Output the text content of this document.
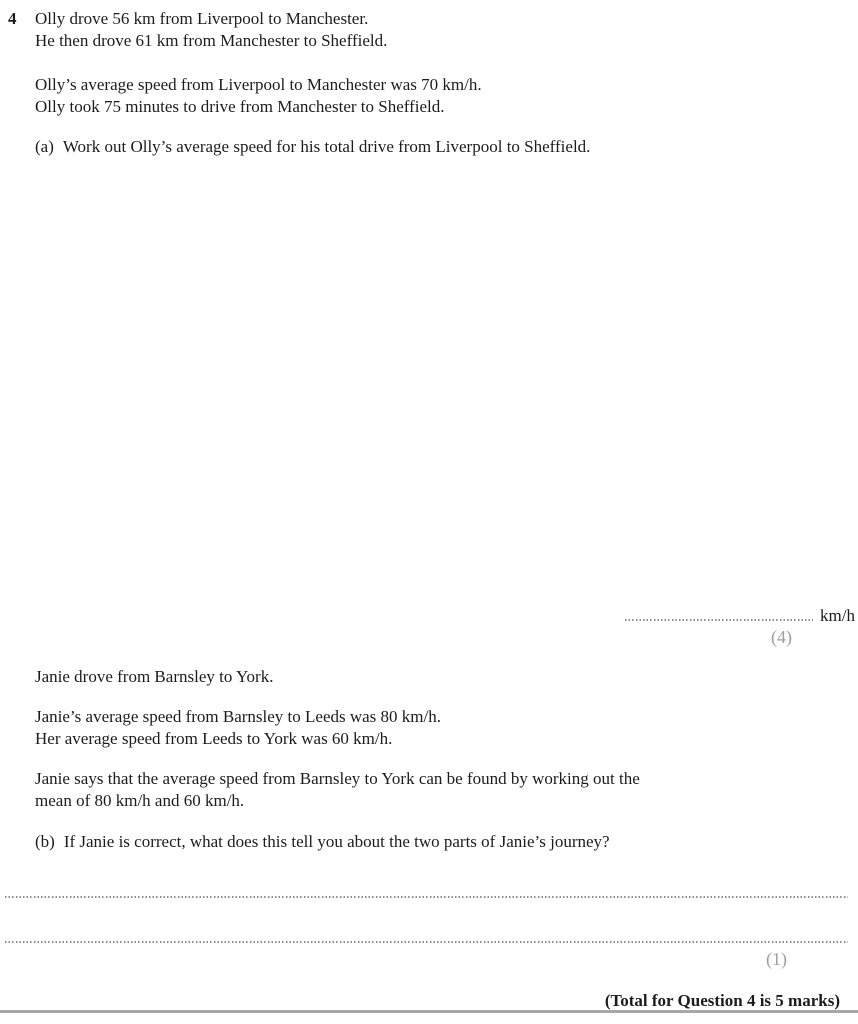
4 Olly drove 56 km from Liverpool to Manchester.
He then drove 61 km from Manchester to Sheffield.
Olly’s average speed from Liverpool to Manchester was 70 km/h.
Olly took 75 minutes to drive from Manchester to Sheffield.
(a) Work out Olly’s average speed for his total drive from Liverpool to Sheffield.
km/h
(4)
Janie drove from Barnsley to York.
Janie’s average speed from Barnsley to Leeds was 80 km/h.
Her average speed from Leeds to York was 60 km/h.
Janie says that the average speed from Barnsley to York can be found by working out the
mean of 80 km/h and 60 km/h.
(b) If Janie is correct, what does this tell you about the two parts of Janie’s journey?
(1)
(Total for Question 4 is 5 marks)
